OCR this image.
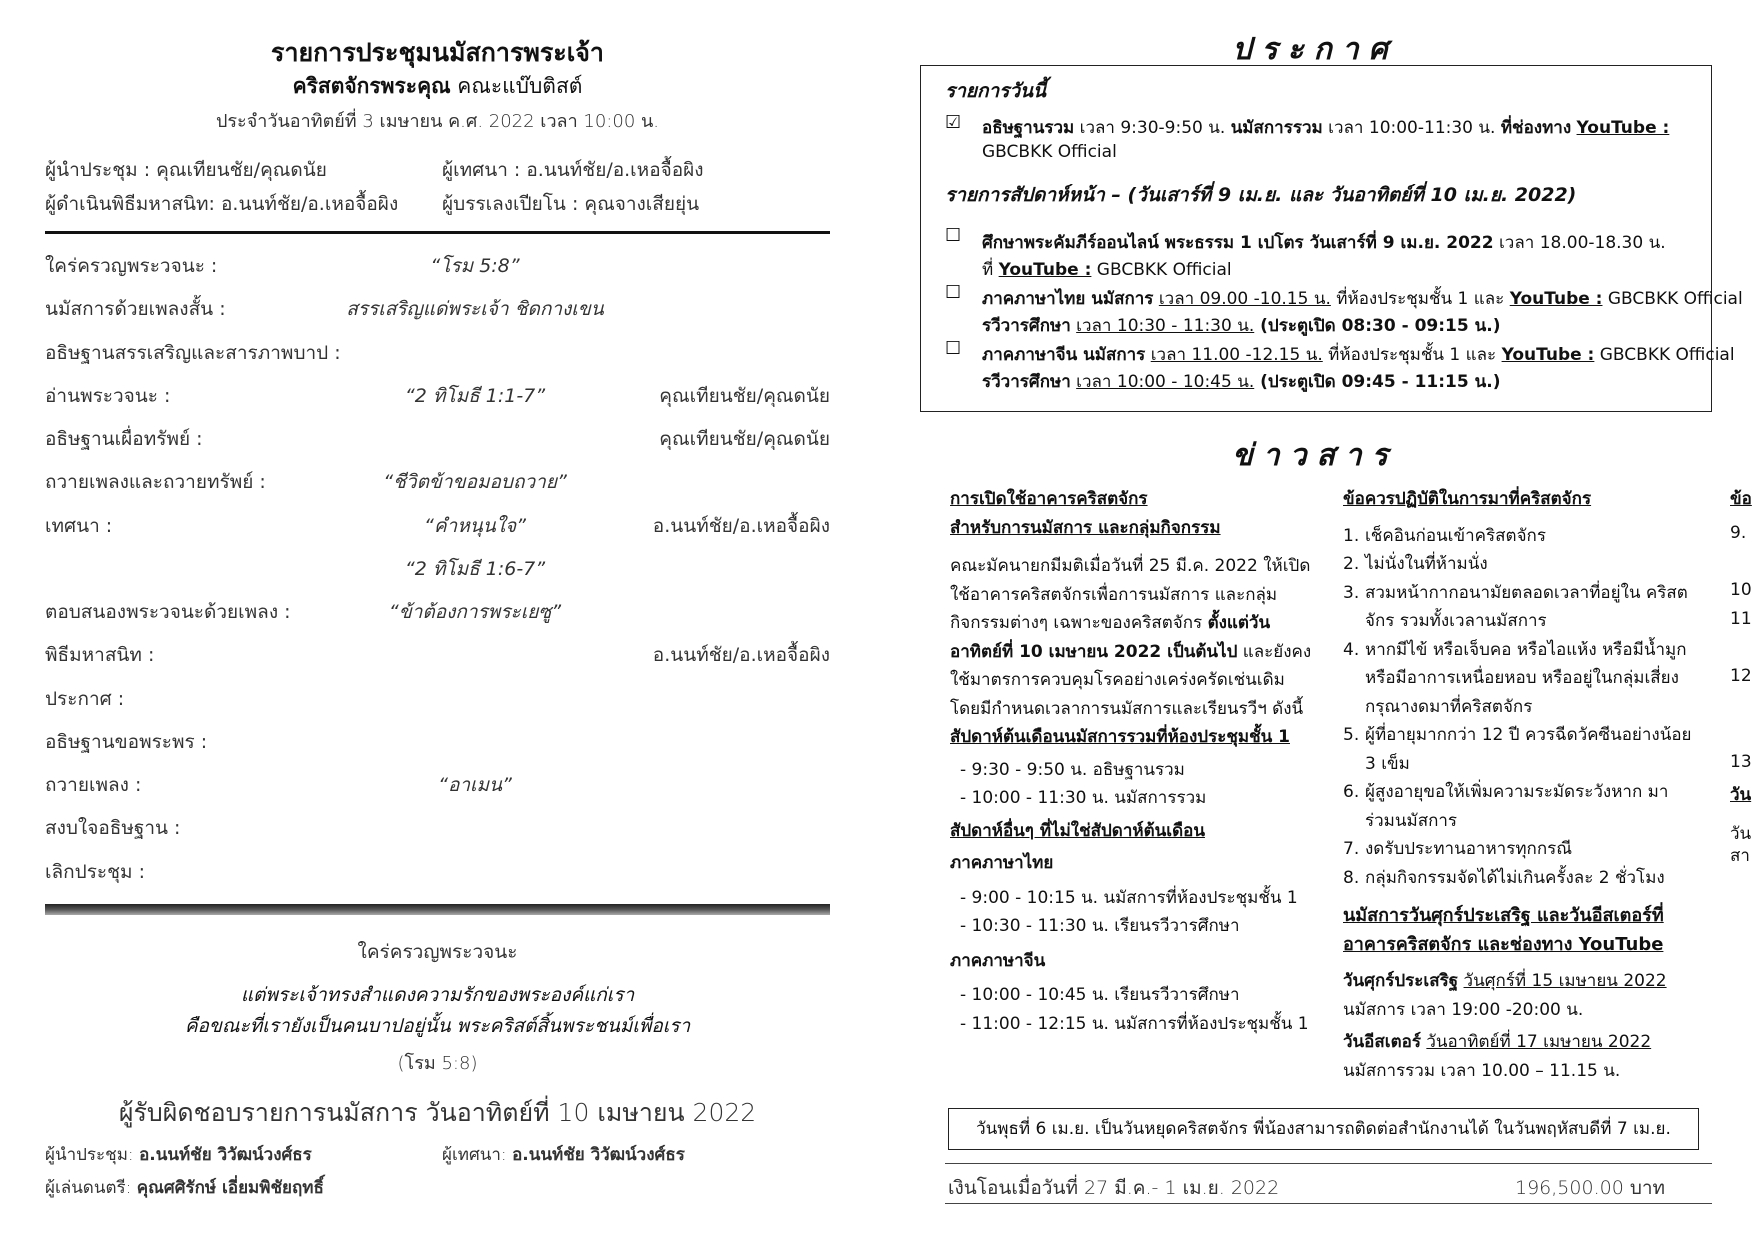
รายการประชุมนมัสการพระเจ้า
คริสตจักรพระคุณ คณะแบ๊บติสต์
ประจำวันอาทิตย์ที่ 3 เมษายน ค.ศ. 2022 เวลา 10:00 น.
ผู้นำประชุม : คุณเทียนชัย/คุณดนัย	ผู้เทศนา : อ.นนท์ชัย/อ.เหอจื้อผิง
ผู้ดำเนินพิธีมหาสนิท: อ.นนท์ชัย/อ.เหอจื้อผิง ผู้บรรเลงเปียโน : คุณจางเสียยุ่น
ใคร่ครวญพระวจนะ :	“โรม 5:8”
นมัสการด้วยเพลงสั้น :	สรรเสริญแด่พระเจ้า ชิดกางเขน
อธิษฐานสรรเสริญและสารภาพบาป :
อ่านพระวจนะ :	“2 ทิโมธี 1:1-7”	คุณเทียนชัย/คุณดนัย
อธิษฐานเผื่อทรัพย์ :	คุณเทียนชัย/คุณดนัย
ถวายเพลงและถวายทรัพย์ :	“ชีวิตข้าขอมอบถวาย”
เทศนา :	“คำหนุนใจ”	อ.นนท์ชัย/อ.เหอจื้อผิง
“2 ทิโมธี 1:6-7”
ตอบสนองพระวจนะด้วยเพลง :	“ข้าต้องการพระเยซู”
พิธีมหาสนิท :	อ.นนท์ชัย/อ.เหอจื้อผิง
ประกาศ :
อธิษฐานขอพระพร :
ถวายเพลง :	“อาเมน”
สงบใจอธิษฐาน :
เลิกประชุม :
ใคร่ครวญพระวจนะ
แต่พระเจ้าทรงสำแดงความรักของพระองค์แก่เรา
คือขณะที่เรายังเป็นคนบาปอยู่นั้น พระคริสต์สิ้นพระชนม์เพื่อเรา
(โรม 5:8)
ผู้รับผิดชอบรายการนมัสการ วันอาทิตย์ที่ 10 เมษายน 2022
ผู้นำประชุม: อ.นนท์ชัย วิวัฒน์วงศ์ธร	ผู้เทศนา: อ.นนท์ชัย วิวัฒน์วงศ์ธร
ผู้เล่นดนตรี: คุณศศิรักษ์ เอี่ยมพิชัยฤทธิ์
ประกาศ
รายการวันนี้
☑ อธิษฐานรวม เวลา 9:30-9:50 น. นมัสการรวม เวลา 10:00-11:30 น. ที่ช่องทาง YouTube :
GBCBKK Official
รายการสัปดาห์หน้า – (วันเสาร์ที่ 9 เม.ย. และ วันอาทิตย์ที่ 10 เม.ย. 2022)
☐ ศึกษาพระคัมภีร์ออนไลน์ พระธรรม 1 เปโตร วันเสาร์ที่ 9 เม.ย. 2022 เวลา 18.00-18.30 น.
ที่ YouTube : GBCBKK Official
☐ ภาคภาษาไทย นมัสการ เวลา 09.00 -10.15 น. ที่ห้องประชุมชั้น 1 และ YouTube : GBCBKK Official
รวีวารศึกษา เวลา 10:30 - 11:30 น. (ประตูเปิด 08:30 - 09:15 น.)
☐ ภาคภาษาจีน นมัสการ เวลา 11.00 -12.15 น. ที่ห้องประชุมชั้น 1 และ YouTube : GBCBKK Official
รวีวารศึกษา เวลา 10:00 - 10:45 น. (ประตูเปิด 09:45 - 11:15 น.)
ข่าวสาร
การเปิดใช้อาคารคริสตจักร
สำหรับการนมัสการ และกลุ่มกิจกรรม
คณะมัคนายกมีมติเมื่อวันที่ 25 มี.ค. 2022 ให้เปิด
ใช้อาคารคริสตจักรเพื่อการนมัสการ และกลุ่ม
กิจกรรมต่างๆ เฉพาะของคริสตจักร ตั้งแต่วัน
อาทิตย์ที่ 10 เมษายน 2022 เป็นต้นไป และยังคง
ใช้มาตรการควบคุมโรคอย่างเคร่งครัดเช่นเดิม
โดยมีกำหนดเวลาการนมัสการและเรียนรวีฯ ดังนี้
สัปดาห์ต้นเดือนนมัสการรวมที่ห้องประชุมชั้น 1
- 9:30 - 9:50 น. อธิษฐานรวม
- 10:00 - 11:30 น. นมัสการรวม
สัปดาห์อื่นๆ ที่ไม่ใช่สัปดาห์ต้นเดือน
ภาคภาษาไทย
- 9:00 - 10:15 น. นมัสการที่ห้องประชุมชั้น 1
- 10:30 - 11:30 น. เรียนรวีวารศึกษา
ภาคภาษาจีน
- 10:00 - 10:45 น. เรียนรวีวารศึกษา
- 11:00 - 12:15 น. นมัสการที่ห้องประชุมชั้น 1
ข้อควรปฏิบัติในการมาที่คริสตจักร
1. เช็คอินก่อนเข้าคริสตจักร
2. ไม่นั่งในที่ห้ามนั่ง
3. สวมหน้ากากอนามัยตลอดเวลาที่อยู่ใน คริสตจักร รวมทั้งเวลานมัสการ
4. หากมีไข้ หรือเจ็บคอ หรือไอแห้ง หรือมีน้ำมูก หรือมีอาการเหนื่อยหอบ หรืออยู่ในกลุ่มเสี่ยง กรุณางดมาที่คริสตจักร
5. ผู้ที่อายุมากกว่า 12 ปี ควรฉีดวัคซีนอย่างน้อย 3 เข็ม
6. ผู้สูงอายุขอให้เพิ่มความระมัดระวังหาก มาร่วมนมัสการ
7. งดรับประทานอาหารทุกกรณี
8. กลุ่มกิจกรรมจัดได้ไม่เกินครั้งละ 2 ชั่วโมง
นมัสการวันศุกร์ประเสริฐ และวันอีสเตอร์ที่
อาคารคริสตจักร และช่องทาง YouTube
วันศุกร์ประเสริฐ วันศุกร์ที่ 15 เมษายน 2022
นมัสการ เวลา 19:00 -20:00 น.
วันอีสเตอร์ วันอาทิตย์ที่ 17 เมษายน 2022
นมัสการรวม เวลา 10.00 – 11.15 น.
ข้อ
9.
10
11
12
13
วัน
วัน
สา
วันพุธที่ 6 เม.ย. เป็นวันหยุดคริสตจักร พี่น้องสามารถติดต่อสำนักงานได้ ในวันพฤหัสบดีที่ 7 เม.ย.
เงินโอนเมื่อวันที่ 27 มี.ค.- 1 เม.ย. 2022	196,500.00 บาท
